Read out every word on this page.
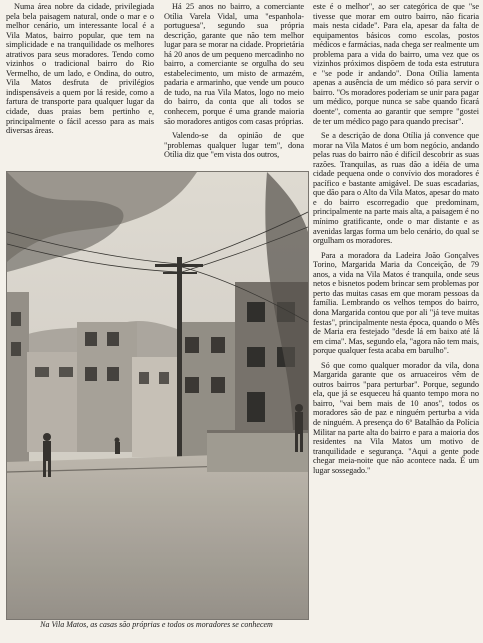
Numa área nobre da cidade, privilegiada pela bela paisagem natural, onde o mar e o melhor cenário, um interessante local é a Vila Matos, bairro popular, que tem na simplicidade e na tranquilidade os melhores atrativos para seus moradores. Tendo como vizinhos o tradicional bairro do Rio Vermelho, de um lado, e Ondina, do outro, Vila Matos desfruta de privilégios indispensáveis a quem por lá reside, como a fartura de transporte para qualquer lugar da cidade, duas praias bem pertinho e, principalmente o fácil acesso para as mais diversas áreas.

Há 25 anos no bairro, a comerciante Otília Varela Vidal, uma "espanhola-portuguesa", segundo sua própria descrição, garante que não tem melhor lugar para se morar na cidade. Proprietária há 20 anos de um pequeno mercadinho no bairro, a comerciante se orgulha do seu estabelecimento, um misto de armazém, padaria e armarinho, que vende um pouco de tudo, na rua Vila Matos, logo no meio do bairro, da conta que ali todos se conhecem, porque é uma grande maioria são moradores antigos com casas próprias.

Valendo-se da opinião de que "problemas qualquer lugar tem", dona Otília diz que "em vista dos outros,

este é o melhor", ao ser categórica de que "se tivesse que morar em outro bairro, não ficaria mais nesta cidade". Para ela, apesar da falta de equipamentos básicos como escolas, postos médicos e farmácias, nada chega ser realmente um problema para a vida do bairro, uma vez que os vizinhos próximos dispõem de toda esta estrutura e "se pode ir andando". Dona Otília lamenta apenas a ausência de um médico só para servir o bairro. "Os moradores poderiam se unir para pagar um médico, porque nunca se sabe quando ficará doente", comenta ao garantir que sempre "gostei de ter um médico pago para quando precisar".

Se a descrição de dona Otília já convence que morar na Vila Matos é um bom negócio, andando pelas ruas do bairro não é difícil descobrir as suas razões. Tranquilas, as ruas dão a idéia de uma cidade pequena onde o convívio dos moradores é pacífico e bastante amigável. De suas escadarias, que dão para o Alto da Vila Matos, apesar do mato e do bairro escorregadio que predominam, principalmente na parte mais alta, a paisagem é no mínimo gratificante, onde o mar distante e as avenidas largas forma um belo cenário, do qual se orgulham os moradores.

Para a moradora da Ladeira João Gonçalves Torino, Margarida Maria da Conceição, de 79 anos, a vida na Vila Matos é tranquila, onde seus netos e bisnetos podem brincar sem problemas por perto das muitas casas em que moram pessoas da família. Lembrando os velhos tempos do bairro, dona Margarida contou que por ali "já teve muitas festas", principalmente nesta época, quando o Mês de Maria era festejado "desde lá em baixo até lá em cima". Mas, segundo ela, "agora não tem mais, porque qualquer festa acaba em barulho".

Só que como qualquer morador da vila, dona Margarida garante que os arruaceiros vêm de outros bairros "para perturbar". Porque, segundo ela, que já se esqueceu há quanto tempo mora no bairro, "vai bem mais de 10 anos", todos os moradores são de paz e ninguém perturba a vida de ninguém. A presença do 6º Batalhão da Polícia Militar na parte alta do bairro e para a maioria dos residentes na Vila Matos um motivo de tranquilidade e segurança. "Aqui a gente pode chegar meia-noite que não acontece nada. É um lugar sossegado."

Na Vila Matos, as casas são próprias e todos os moradores se conhecem
